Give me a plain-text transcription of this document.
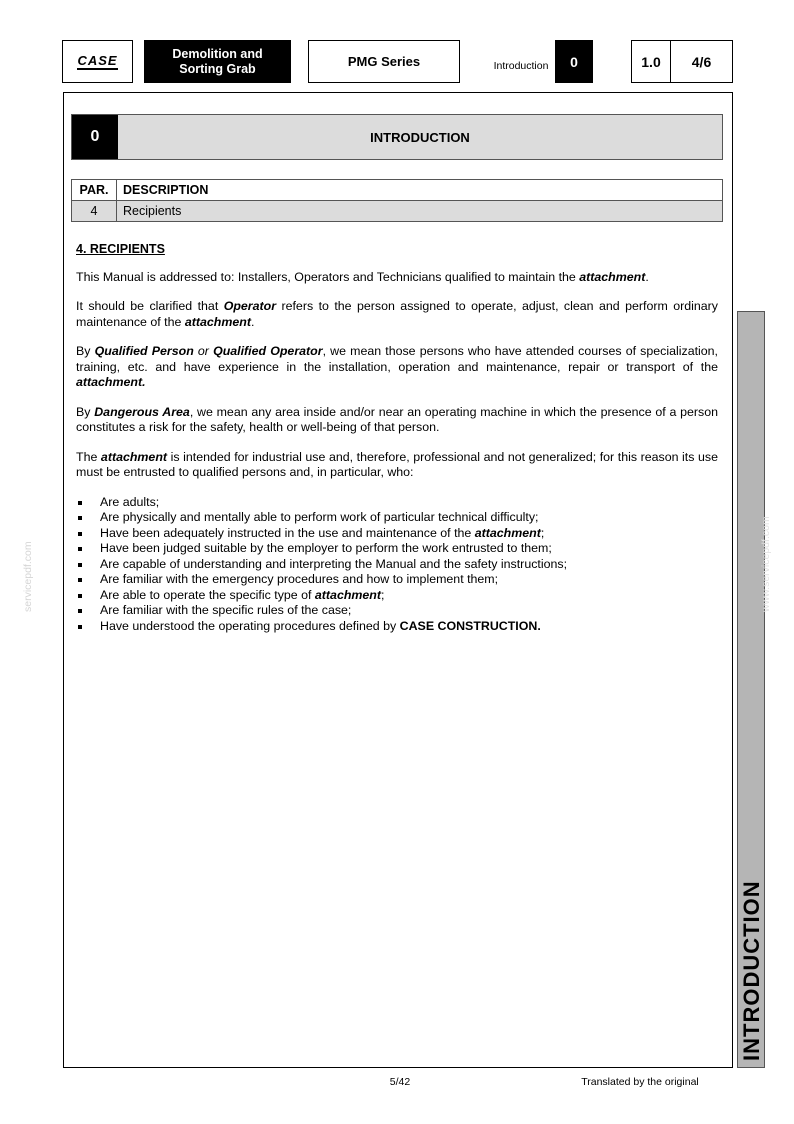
CASE	Demolition and
Sorting Grab	PMG Series	Introduction	0	1.0 4/6
0	INTRODUCTION
PAR.	DESCRIPTION
4	Recipients
4. RECIPIENTS

This Manual is addressed to: Installers, Operators and Technicians qualified to maintain the attachment.

It should be clarified that Operator refers to the person assigned to operate, adjust, clean and perform ordinary maintenance of the attachment.

By Qualified Person or Qualified Operator, we mean those persons who have attended courses of specialization, training, etc. and have experience in the installation, operation and maintenance, repair or transport of the attachment.

By Dangerous Area, we mean any area inside and/or near an operating machine in which the presence of a person constitutes a risk for the safety, health or well-being of that person.

The attachment is intended for industrial use and, therefore, professional and not generalized; for this reason its use must be entrusted to qualified persons and, in particular, who:

Are adults;
Are physically and mentally able to perform work of particular technical difficulty;
Have been adequately instructed in the use and maintenance of the attachment;
Have been judged suitable by the employer to perform the work entrusted to them;
Are capable of understanding and interpreting the Manual and the safety instructions;
Are familiar with the emergency procedures and how to implement them;
Are able to operate the specific type of attachment;
Are familiar with the specific rules of the case;
Have understood the operating procedures defined by CASE CONSTRUCTION.
INTRODUCTION
servicepdf.com	www.servicepdf.com
5/42	Translated by the original
